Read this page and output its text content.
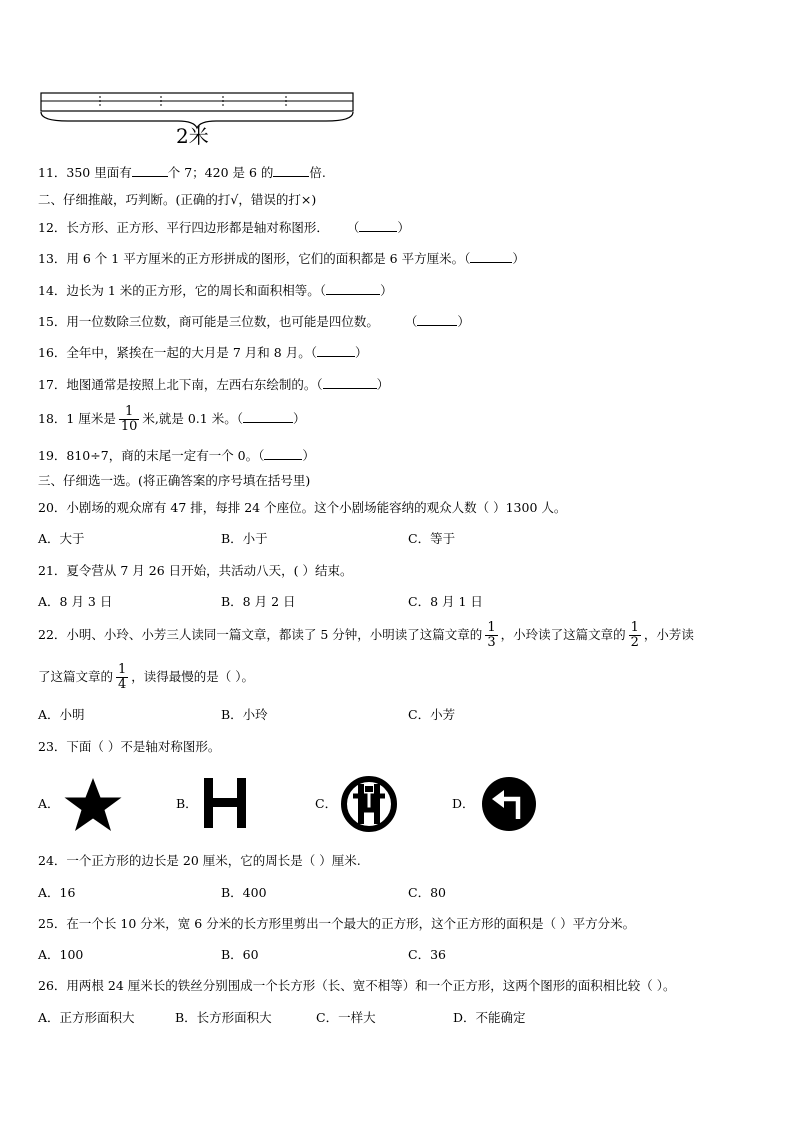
2米
11．350 里面有	个 7；420 是 6 的	倍.
二、仔细推敲，巧判断。(正确的打√，错误的打×)
12．长方形、正方形、平行四边形都是轴对称图形． （	）
13．用 6 个 1 平方厘米的正方形拼成的图形，它们的面积都是 6 平方厘米。（	）
14．边长为 1 米的正方形，它的周长和面积相等。（	）
15．用一位数除三位数，商可能是三位数，也可能是四位数。 （	）
16．全年中，紧挨在一起的大月是 7 月和 8 月。（	）
17．地图通常是按照上北下南，左西右东绘制的。（	）
18．1 厘米是 $\frac{1}{10}$ 米,就是 0.1 米。（	）
19．810÷7，商的末尾一定有一个 0。（	）
三、仔细选一选。(将正确答案的序号填在括号里)
20．小剧场的观众席有 47 排，每排 24 个座位。这个小剧场能容纳的观众人数（ ）1300 人。
A．大于	B．小于	C．等于
21．夏令营从 7 月 26 日开始，共活动八天，( ）结束。
A．8 月 3 日	B．8 月 2 日	C．8 月 1 日
22．小明、小玲、小芳三人读同一篇文章，都读了 5 分钟，小明读了这篇文章的 $\frac{1}{3}$ ，小玲读了这篇文章的 $\frac{1}{2}$ ，小芳读
了这篇文章的 $\frac{1}{4}$ ，读得最慢的是（ ）。
A．小明	B．小玲	C．小芳
23．下面（ ）不是轴对称图形。
A．	B．	C．	D．
24．一个正方形的边长是 20 厘米，它的周长是（ ）厘米.
A．16	B．400	C．80
25．在一个长 10 分米，宽 6 分米的长方形里剪出一个最大的正方形，这个正方形的面积是（ ）平方分米。
A．100	B．60	C．36
26．用两根 24 厘米长的铁丝分别围成一个长方形（长、宽不相等）和一个正方形，这两个图形的面积相比较（ ）。
A．正方形面积大	B．长方形面积大	C．一样大	D．不能确定
